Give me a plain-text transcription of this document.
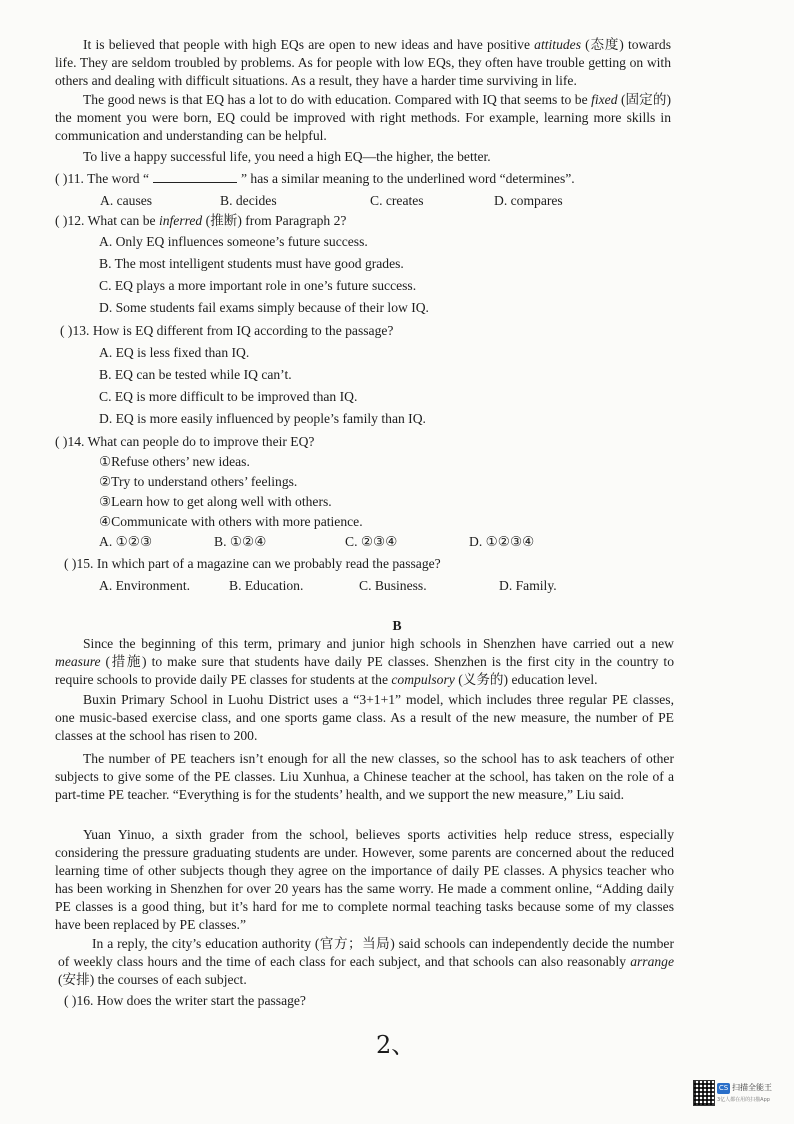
It is believed that people with high EQs are open to new ideas and have positive attitudes (态度) towards life. They are seldom troubled by problems. As for people with low EQs, they often have trouble getting on with others and dealing with difficult situations. As a result, they have a harder time surviving in life.

The good news is that EQ has a lot to do with education. Compared with IQ that seems to be fixed (固定的) the moment you were born, EQ could be improved with right methods. For example, learning more skills in communication and understanding can be helpful.

To live a happy successful life, you need a high EQ—the higher, the better.

( )11. The word “	” has a similar meaning to the underlined word “determines”.

A. causes	B. decides	C. creates	D. compares

( )12. What can be inferred (推断) from Paragraph 2?

A. Only EQ influences someone’s future success.

B. The most intelligent students must have good grades.

C. EQ plays a more important role in one’s future success.

D. Some students fail exams simply because of their low IQ.

( )13. How is EQ different from IQ according to the passage?

A. EQ is less fixed than IQ.

B. EQ can be tested while IQ can’t.

C. EQ is more difficult to be improved than IQ.

D. EQ is more easily influenced by people’s family than IQ.

( )14. What can people do to improve their EQ?

①Refuse others’ new ideas.

②Try to understand others’ feelings.

③Learn how to get along well with others.

④Communicate with others with more patience.

A. ①②③	B. ①②④	C. ②③④	D. ①②③④

( )15. In which part of a magazine can we probably read the passage?

A. Environment.	B. Education.	C. Business.	D. Family.
B

Since the beginning of this term, primary and junior high schools in Shenzhen have carried out a new measure (措施) to make sure that students have daily PE classes. Shenzhen is the first city in the country to require schools to provide daily PE classes for students at the compulsory (义务的) education level.

Buxin Primary School in Luohu District uses a “3+1+1” model, which includes three regular PE classes, one music-based exercise class, and one sports game class. As a result of the new measure, the number of PE classes at the school has risen to 200.

The number of PE teachers isn’t enough for all the new classes, so the school has to ask teachers of other subjects to give some of the PE classes. Liu Xunhua, a Chinese teacher at the school, has taken on the role of a part-time PE teacher. “Everything is for the students’ health, and we support the new measure,” Liu said.

Yuan Yinuo, a sixth grader from the school, believes sports activities help reduce stress, especially considering the pressure graduating students are under. However, some parents are concerned about the reduced learning time of other subjects though they agree on the importance of daily PE classes. A physics teacher who has been working in Shenzhen for over 20 years has the same worry. He made a comment online, “Adding daily PE classes is a good thing, but it’s hard for me to complete normal teaching tasks because some of my classes have been replaced by PE classes.”

In a reply, the city’s education authority (官方；当局) said schools can independently decide the number of weekly class hours and the time of each class for each subject, and that schools can also reasonably arrange (安排) the courses of each subject.

( )16. How does the writer start the passage?

2、
CS 扫描全能王
3亿人都在用的扫描App
